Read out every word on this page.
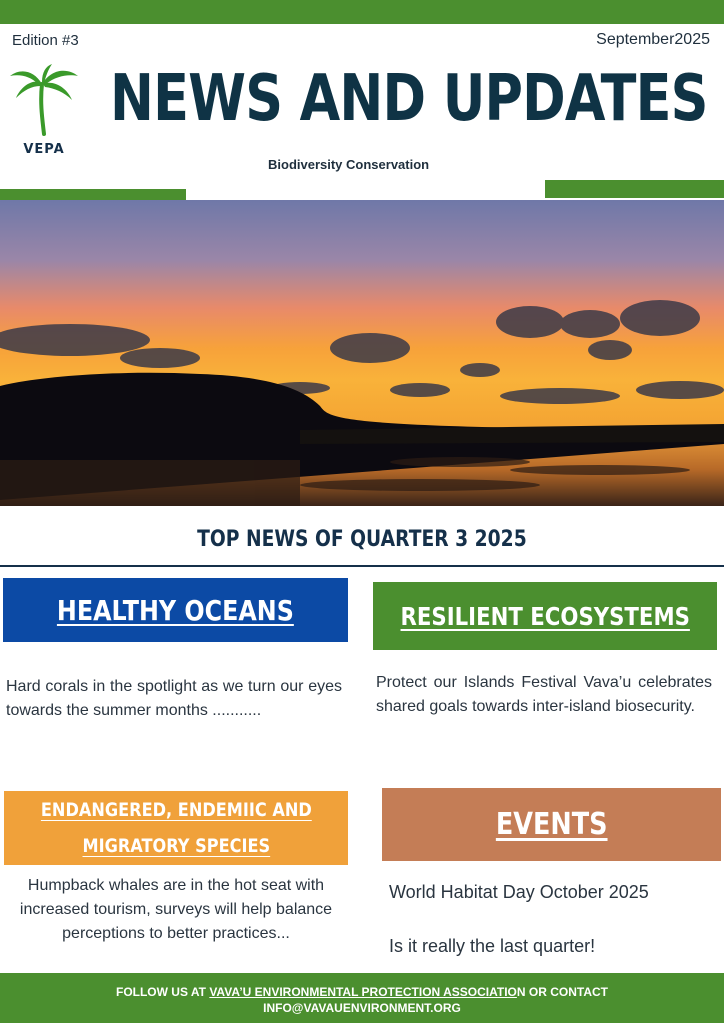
Edition #3	September2025
VEPA
NEWS AND UPDATES
Biodiversity Conservation
TOP NEWS OF QUARTER 3 2025
HEALTHY OCEANS
Hard corals in the spotlight as we turn our eyes towards the summer months ...........
RESILIENT ECOSYSTEMS
Protect our Islands Festival Vava’u celebrates shared goals towards inter-island biosecurity.
ENDANGERED, ENDEMIIC AND
MIGRATORY SPECIES
Humpback whales are in the hot seat with increased tourism, surveys will help balance perceptions to better practices...
EVENTS
World Habitat Day October 2025
Is it really the last quarter!
FOLLOW US AT VAVA’U ENVIRONMENTAL PROTECTION ASSOCIATION OR CONTACT
INFO@VAVAUENVIRONMENT.ORG
